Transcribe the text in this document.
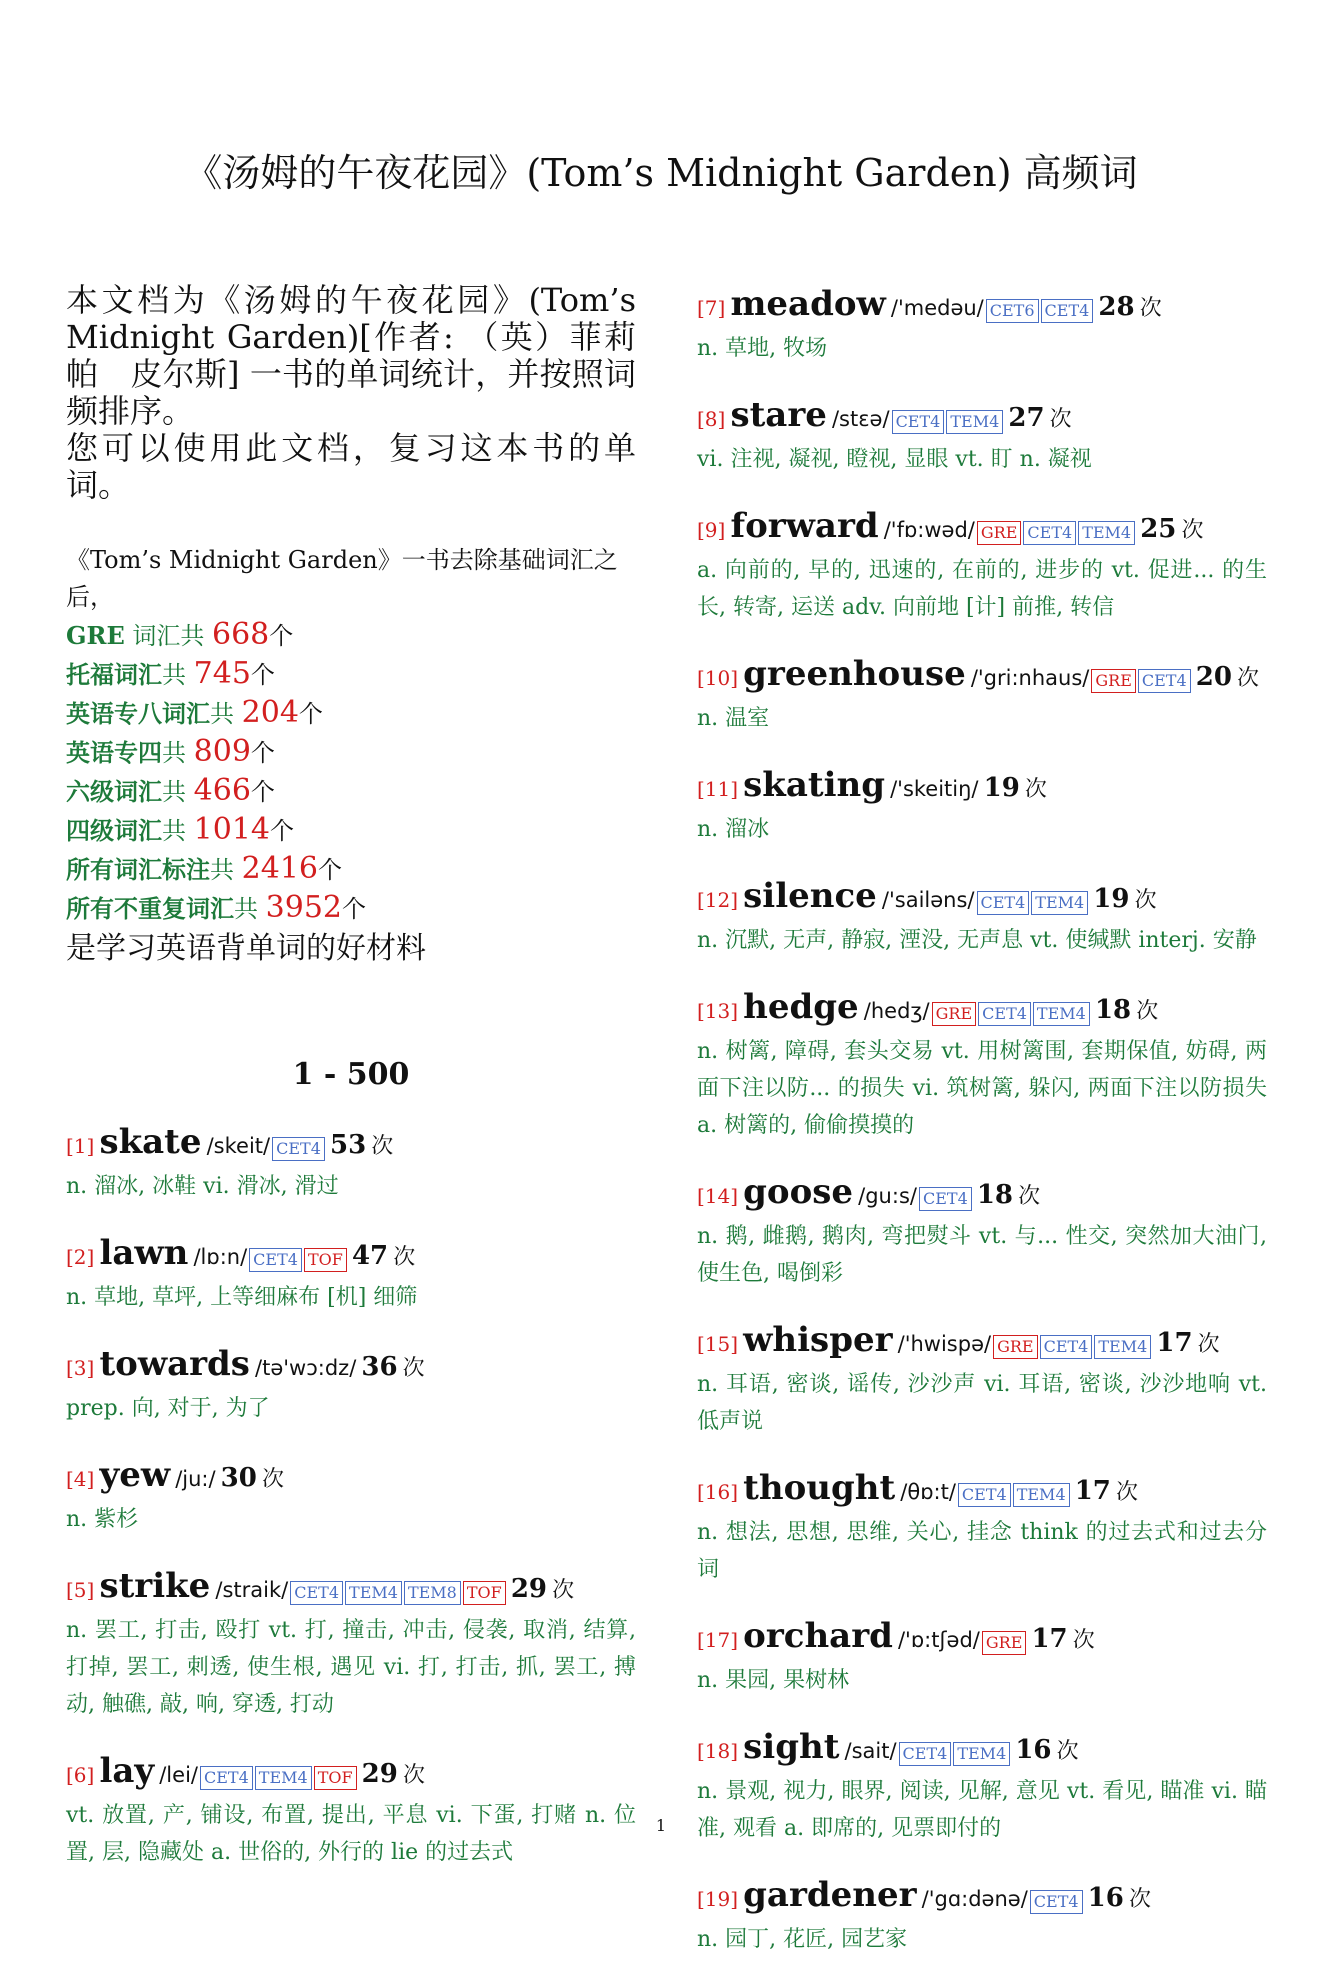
《汤姆的午夜花园》(Tom’s Midnight Garden) 高频词

本文档为《汤姆的午夜花园》(Tom’s Midnight Garden)[作者: （英）菲莉帕　皮尔斯] 一书的单词统计，并按照词频排序。

您可以使用此文档，复习这本书的单词。

《Tom’s Midnight Garden》一书去除基础词汇之后，
GRE 词汇共 668个
托福词汇共 745个
英语专八词汇共 204个
英语专四共 809个
六级词汇共 466个
四级词汇共 1014个
所有词汇标注共 2416个
所有不重复词汇共 3952个
是学习英语背单词的好材料
1 - 500
[1] skate /skeit/ CET4 53 次
n. 溜冰, 冰鞋 vi. 滑冰, 滑过
[2] lawn /lɒ:n/ CET4 TOF 47 次
n. 草地, 草坪, 上等细麻布 [机] 细筛
[3] towards /tə'wɔ:dz/ 36 次
prep. 向, 对于, 为了
[4] yew /ju:/ 30 次
n. 紫杉
[5] strike /straik/ CET4 TEM4 TEM8 TOF 29 次
n. 罢工, 打击, 殴打 vt. 打, 撞击, 冲击, 侵袭, 取消, 结算, 打掉, 罢工, 刺透, 使生根, 遇见 vi. 打, 打击, 抓, 罢工, 搏动, 触礁, 敲, 响, 穿透, 打动
[6] lay /lei/ CET4 TEM4 TOF 29 次
vt. 放置, 产, 铺设, 布置, 提出, 平息 vi. 下蛋, 打赌 n. 位置, 层, 隐藏处 a. 世俗的, 外行的 lie 的过去式
[7] meadow /'medəu/ CET6 CET4 28 次
n. 草地, 牧场
[8] stare /stɛə/ CET4 TEM4 27 次
vi. 注视, 凝视, 瞪视, 显眼 vt. 盯 n. 凝视
[9] forward /'fɒ:wəd/ GRE CET4 TEM4 25 次
a. 向前的, 早的, 迅速的, 在前的, 进步的 vt. 促进... 的生长, 转寄, 运送 adv. 向前地 [计] 前推, 转信
[10] greenhouse /'gri:nhaus/ GRE CET4 20 次
n. 温室
[11] skating /'skeitiŋ/ 19 次
n. 溜冰
[12] silence /'sailəns/ CET4 TEM4 19 次
n. 沉默, 无声, 静寂, 湮没, 无声息 vt. 使缄默 interj. 安静
[13] hedge /hedʒ/ GRE CET4 TEM4 18 次
n. 树篱, 障碍, 套头交易 vt. 用树篱围, 套期保值, 妨碍, 两面下注以防... 的损失 vi. 筑树篱, 躲闪, 两面下注以防损失 a. 树篱的, 偷偷摸摸的
[14] goose /gu:s/ CET4 18 次
n. 鹅, 雌鹅, 鹅肉, 弯把熨斗 vt. 与... 性交, 突然加大油门, 使生色, 喝倒彩
[15] whisper /'hwispə/ GRE CET4 TEM4 17 次
n. 耳语, 密谈, 谣传, 沙沙声 vi. 耳语, 密谈, 沙沙地响 vt. 低声说
[16] thought /θɒ:t/ CET4 TEM4 17 次
n. 想法, 思想, 思维, 关心, 挂念 think 的过去式和过去分词
[17] orchard /'ɒ:tʃəd/ GRE 17 次
n. 果园, 果树林
[18] sight /sait/ CET4 TEM4 16 次
n. 景观, 视力, 眼界, 阅读, 见解, 意见 vt. 看见, 瞄准 vi. 瞄准, 观看 a. 即席的, 见票即付的
[19] gardener /'gɑ:dənə/ CET4 16 次
n. 园丁, 花匠, 园艺家
1
